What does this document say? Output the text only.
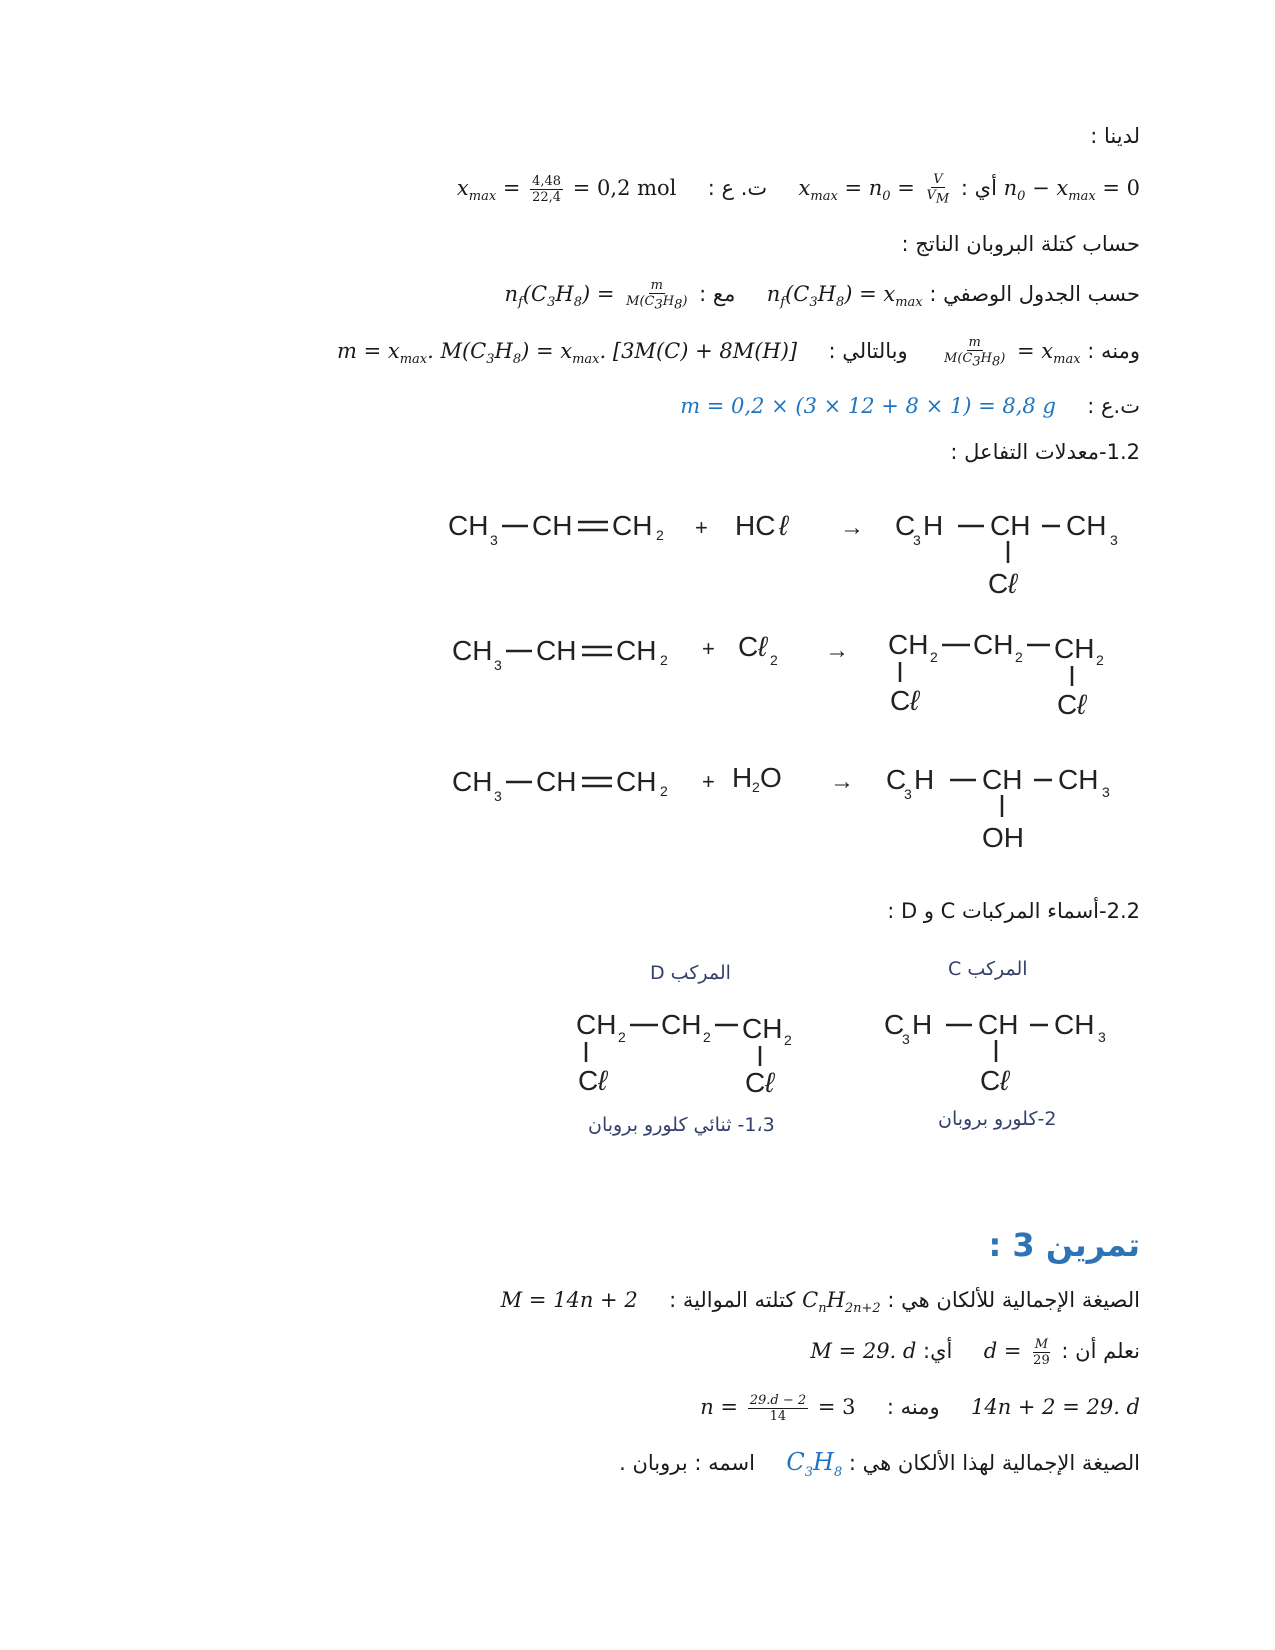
لدينا :
$n_0 - x_{max} = 0$ أي : $x_{max} = n_0 = \frac{V}{V_M}$
ت. ع :  $x_{max} = \frac{4,48}{22,4} = 0,2$ mol
حساب كتلة البروبان الناتج :
حسب الجدول الوصفي : $n_f(C_3H_8) = x_{max}$  مع : $n_f(C_3H_8) = \frac{m}{M(C_3H_8)}$
ومنه :
$\frac{m}{M(C_3H_8)} = x_{max}$  وبالتالي :  $m = x_{max}$. $M(C_3H_8) = x_{max}$. [3M(C) + 8M(H)]
ت.ع :  m = 0,2 × (3 × 12 + 8 × 1) = 8,8 g
1.2-معدلات التفاعل :
CH 3 CH CH 2 + HC ℓ → C
3 H CH CH 3
C ℓ
CH 3 CH CH 2 + C ℓ 2 → CH 2 CH 2 CH 2
C ℓ	C ℓ
CH 3 CH CH 2 + H 2 O → C
3 H CH CH 3
OH
2.2-أسماء المركبات C و D :
المركب D
CH 2 CH 2 CH 2
C ℓ	C ℓ
1،3- ثنائي كلورو بروبان
المركب C
C
3 H CH CH 3
C ℓ
2-كلورو بروبان
تمرين 3 :
الصيغة الإجمالية للألكان هي : $C_nH_{2n+2}$ كتلته الموالية :  M = 14n + 2
نعلم أن : $d = \frac{M}{29}$
أي: M = 29. d
14n + 2 = 29. d  ومنه :  $n = \frac{29.d - 2}{14} = 3$
الصيغة الإجمالية لهذا الألكان هي : $C_3H_8$  اسمه : بروبان .
